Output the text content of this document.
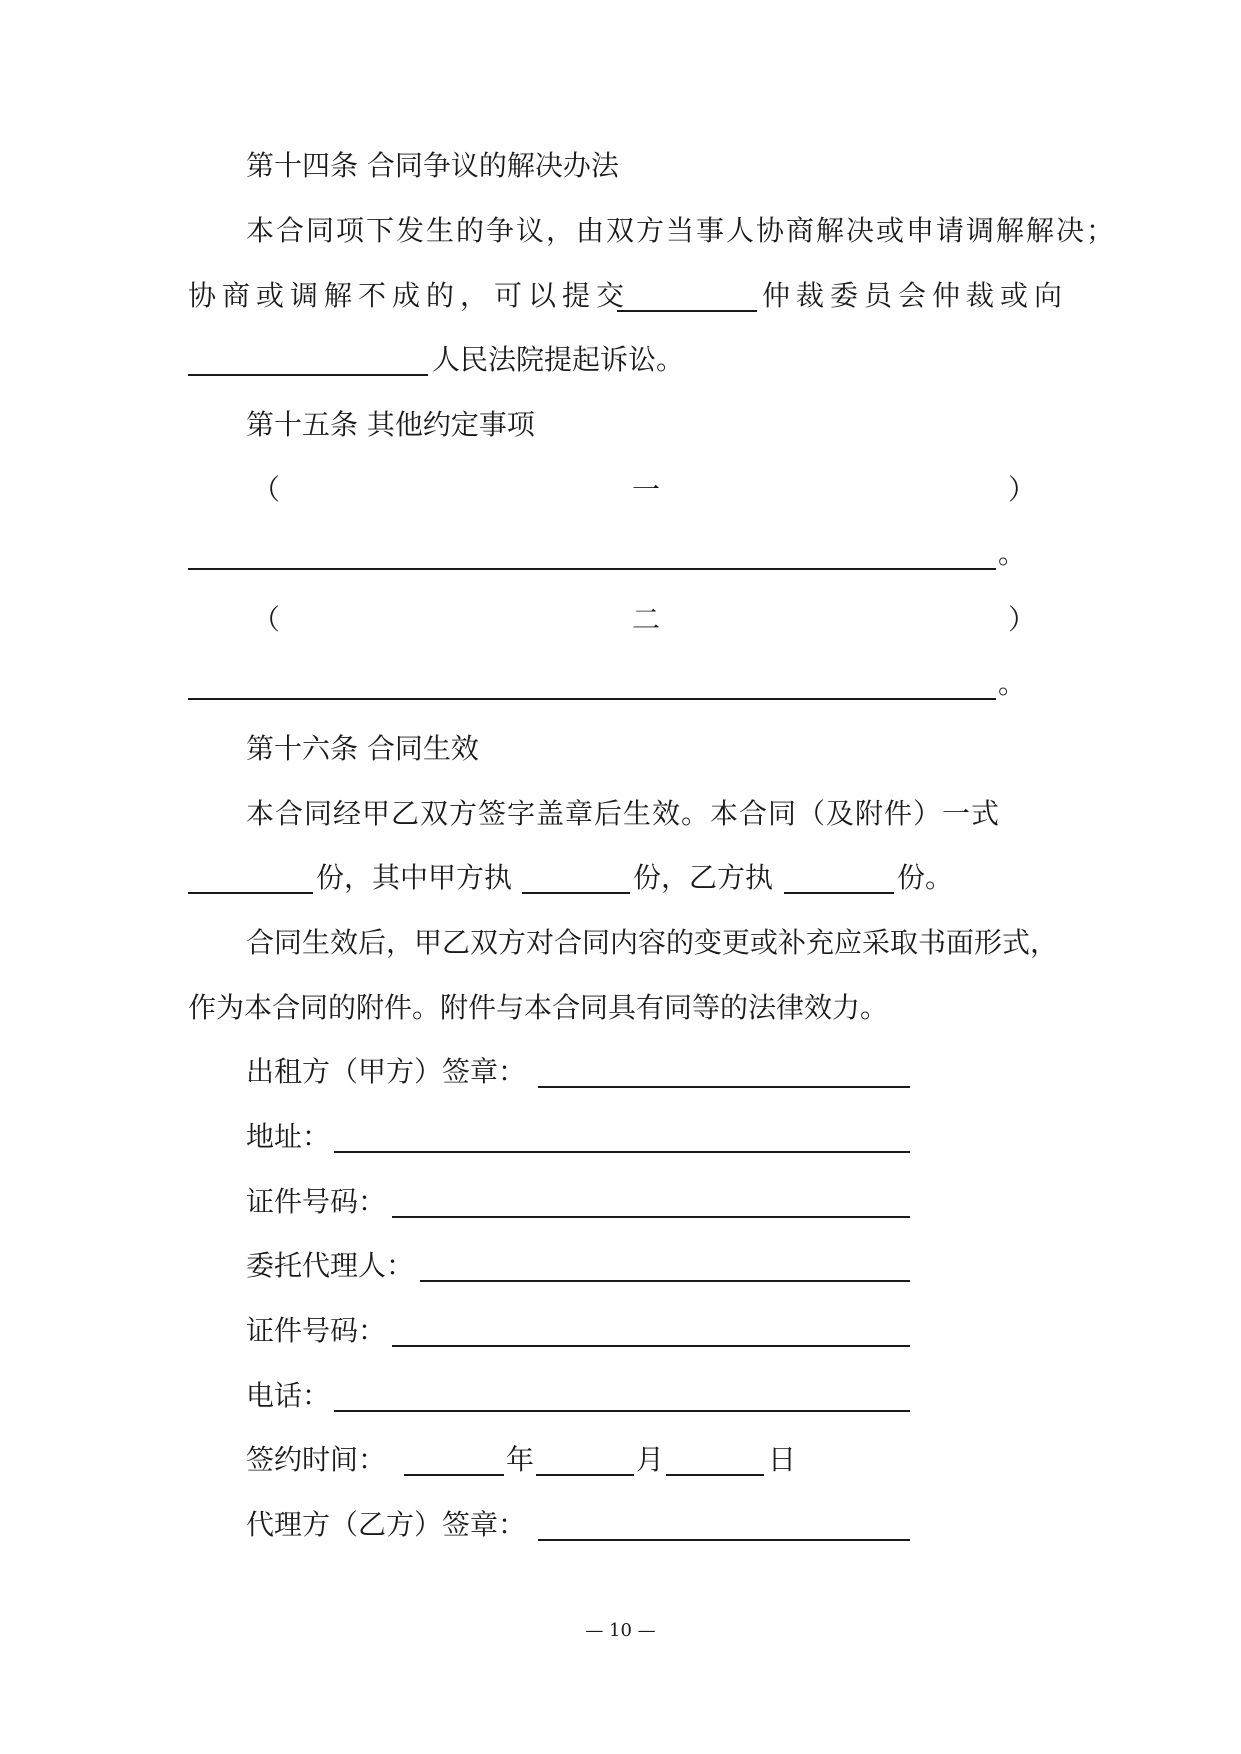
第十四条 合同争议的解决办法
本合同项下发生的争议，由双方当事人协商解决或申请调解解决；
协商或调解不成的，可以提交	仲裁委员会仲裁或向
人民法院提起诉讼。
第十五条 其他约定事项
（	一	）
。
（	二	）
。
第十六条 合同生效
本合同经甲乙双方签字盖章后生效。本合同（及附件）一式
份，其中甲方执	份，乙方执	份。
合同生效后，甲乙双方对合同内容的变更或补充应采取书面形式，
作为本合同的附件。附件与本合同具有同等的法律效力。
出租方（甲方）签章：
地址：
证件号码：
委托代理人：
证件号码：
电话：
签约时间：	年	月	日
代理方（乙方）签章：
— 10 —
